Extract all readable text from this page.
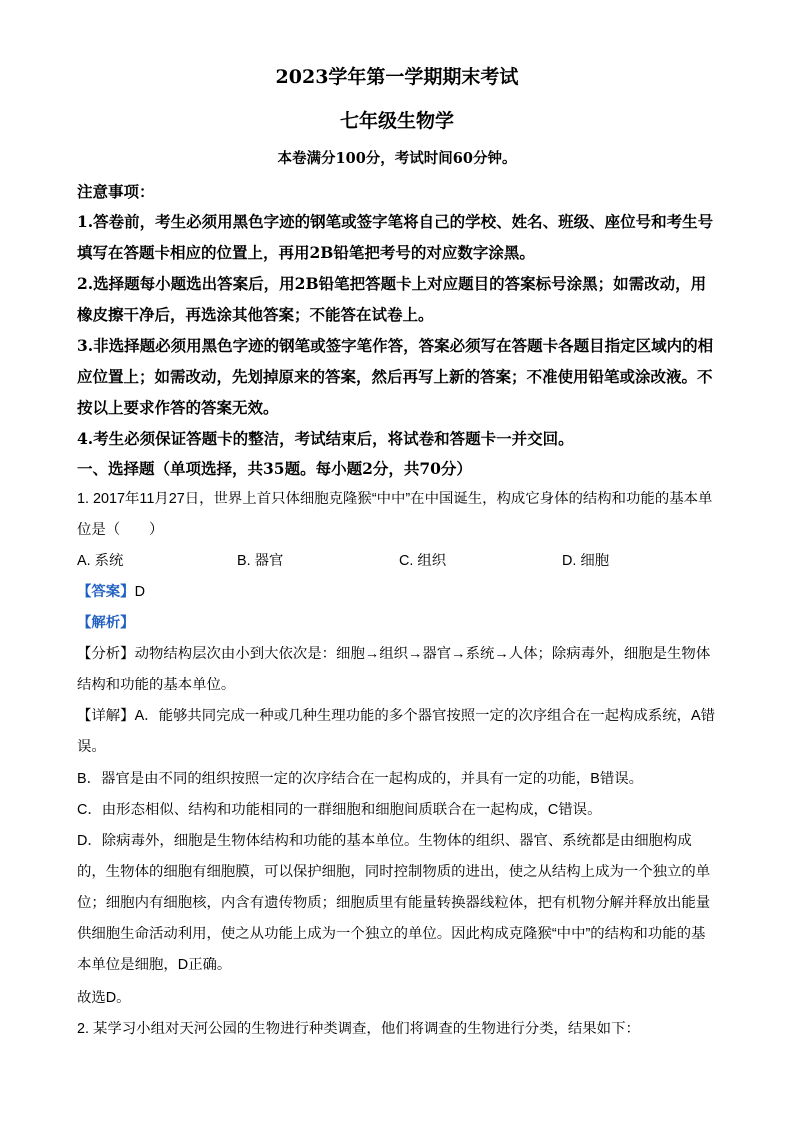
2023学年第一学期期末考试
七年级生物学
本卷满分100分，考试时间60分钟。
注意事项：
1.答卷前，考生必须用黑色字迹的钢笔或签字笔将自己的学校、姓名、班级、座位号和考生号填写在答题卡相应的位置上，再用2B铅笔把考号的对应数字涂黑。
2.选择题每小题选出答案后，用2B铅笔把答题卡上对应题目的答案标号涂黑；如需改动，用橡皮擦干净后，再选涂其他答案；不能答在试卷上。
3.非选择题必须用黑色字迹的钢笔或签字笔作答，答案必须写在答题卡各题目指定区域内的相应位置上；如需改动，先划掉原来的答案，然后再写上新的答案；不准使用铅笔或涂改液。不按以上要求作答的答案无效。
4.考生必须保证答题卡的整洁，考试结束后，将试卷和答题卡一并交回。
一、选择题（单项选择，共35题。每小题2分，共70分）
1. 2017年11月27日，世界上首只体细胞克隆猴“中中”在中国诞生，构成它身体的结构和功能的基本单位是（　　）
A. 系统	B. 器官	C. 组织	D. 细胞
【答案】D
【解析】
【分析】动物结构层次由小到大依次是：细胞→组织→器官→系统→人体；除病毒外，细胞是生物体结构和功能的基本单位。
【详解】A．能够共同完成一种或几种生理功能的多个器官按照一定的次序组合在一起构成系统，A错误。
B．器官是由不同的组织按照一定的次序结合在一起构成的，并具有一定的功能，B错误。
C．由形态相似、结构和功能相同的一群细胞和细胞间质联合在一起构成，C错误。
D．除病毒外，细胞是生物体结构和功能的基本单位。生物体的组织、器官、系统都是由细胞构成的，生物体的细胞有细胞膜，可以保护细胞，同时控制物质的进出，使之从结构上成为一个独立的单位；细胞内有细胞核，内含有遗传物质；细胞质里有能量转换器线粒体，把有机物分解并释放出能量供细胞生命活动利用，使之从功能上成为一个独立的单位。因此构成克隆猴“中中”的结构和功能的基本单位是细胞，D正确。
故选D。
2. 某学习小组对天河公园的生物进行种类调查，他们将调查的生物进行分类，结果如下：
